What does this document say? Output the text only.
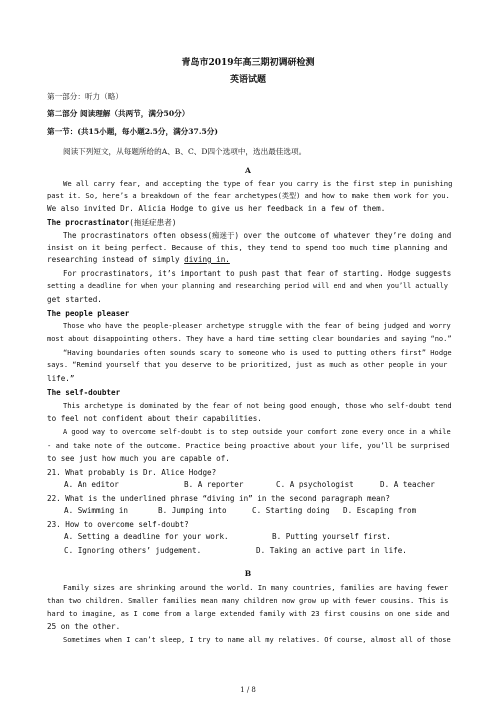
青岛市2019年高三期初调研检测
英语试题
第一部分：听力（略）
第二部分 阅读理解（共两节，满分50分）
第一节：(共15小题，每小题2.5分，满分37.5分)
阅读下列短文，从每题所给的A、B、C、D四个选项中，选出最佳选项。
A
We all carry fear, and accepting the type of fear you carry is the first step in punishing
past it. So, here’s a breakdown of the fear archetypes(类型) and how to make them work for you.
We also invited Dr. Alicia Hodge to give us her feedback in a few of them.
The procrastinator(拖延症患者)
The procrastinators often obsess(痴迷于) over the outcome of whatever they’re doing and
insist on it being perfect. Because of this, they tend to spend too much time planning and
researching instead of simply diving in.
For procrastinators, it’s important to push past that fear of starting. Hodge suggests
setting a deadline for when your planning and researching period will end and when you’ll actually
get started.
The people pleaser
Those who have the people-pleaser archetype struggle with the fear of being judged and worry
most about disappointing others. They have a hard time setting clear boundaries and saying “no.”
“Having boundaries often sounds scary to someone who is used to putting others first” Hodge
says. “Remind yourself that you deserve to be prioritized, just as much as other people in your
life.”
The self-doubter
This archetype is dominated by the fear of not being good enough, those who self-doubt tend
to feel not confident about their capabilities.
A good way to overcome self-doubt is to step outside your comfort zone every once in a while
- and take note of the outcome. Practice being proactive about your life, you’ll be surprised
to see just how much you are capable of.
21. What probably is Dr. Alice Hodge?
A. An editor	B. A reporter	C. A psychologist	D. A teacher
22. What is the underlined phrase “diving in” in the second paragraph mean?
A. Swimming in	B. Jumping into	C. Starting doing D. Escaping from
23. How to overcome self-doubt?
A. Setting a deadline for your work.	B. Putting yourself first.
C. Ignoring others’ judgement.	D. Taking an active part in life.
B
Family sizes are shrinking around the world. In many countries, families are having fewer
than two children. Smaller families mean many children now grow up with fewer cousins. This is
hard to imagine, as I come from a large extended family with 23 first cousins on one side and
25 on the other.
Sometimes when I can’t sleep, I try to name all my relatives. Of course, almost all of those
1 / 8
